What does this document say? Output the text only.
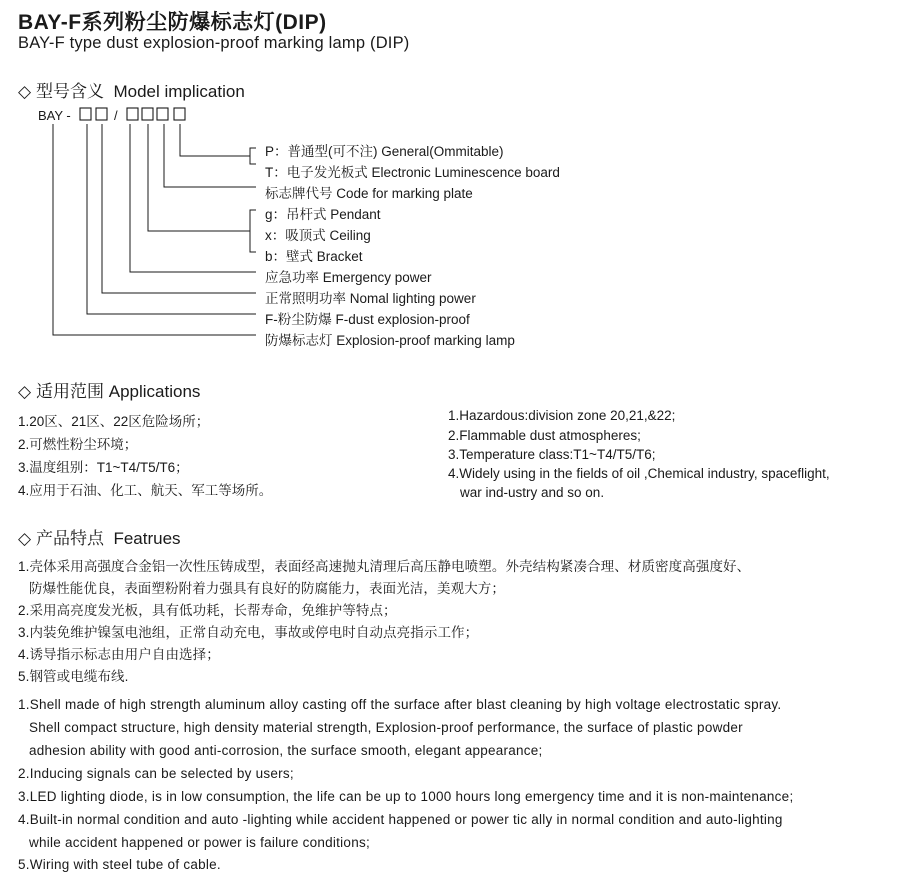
BAY-F系列粉尘防爆标志灯(DIP)
BAY-F type dust explosion-proof marking lamp (DIP)
◇ 型号含义 Model implication
BAY -	/
P：普通型(可不注) General(Ommitable)
T：电子发光板式 Electronic Luminescence board
标志牌代号 Code for marking plate
g：吊杆式 Pendant
x：吸顶式 Ceiling
b：壁式 Bracket
应急功率 Emergency power
正常照明功率 Nomal lighting power
F-粉尘防爆 F-dust explosion-proof
防爆标志灯 Explosion-proof marking lamp
◇ 适用范围 Applications
1.20区、21区、22区危险场所；
2.可燃性粉尘环境；
3.温度组别：T1~T4/T5/T6；
4.应用于石油、化工、航天、军工等场所。
1.Hazardous:division zone 20,21,&22;
2.Flammable dust atmospheres;
3.Temperature class:T1~T4/T5/T6;
4.Widely using in the fields of oil ,Chemical industry, spaceflight,
war ind-ustry and so on.
◇ 产品特点 Featrues
1.壳体采用高强度合金铝一次性压铸成型，表面经高速抛丸清理后高压静电喷塑。外壳结构紧凑合理、材质密度高强度好、
防爆性能优良，表面塑粉附着力强具有良好的防腐能力，表面光洁，美观大方；
2.采用高亮度发光板，具有低功耗，长帮寿命，免维护等特点；
3.内装免维护镍氢电池组，正常自动充电，事故或停电时自动点亮指示工作；
4.诱导指示标志由用户自由选择；
5.钢管或电缆布线.
1.Shell made of high strength aluminum alloy casting off the surface after blast cleaning by high voltage electrostatic spray.
Shell compact structure, high density material strength, Explosion-proof performance, the surface of plastic powder
adhesion ability with good anti-corrosion, the surface smooth, elegant appearance;
2.Inducing signals can be selected by users;
3.LED lighting diode, is in low consumption, the life can be up to 1000 hours long emergency time and it is non-maintenance;
4.Built-in normal condition and auto -lighting while accident happened or power tic ally in normal condition and auto-lighting
while accident happened or power is failure conditions;
5.Wiring with steel tube of cable.
